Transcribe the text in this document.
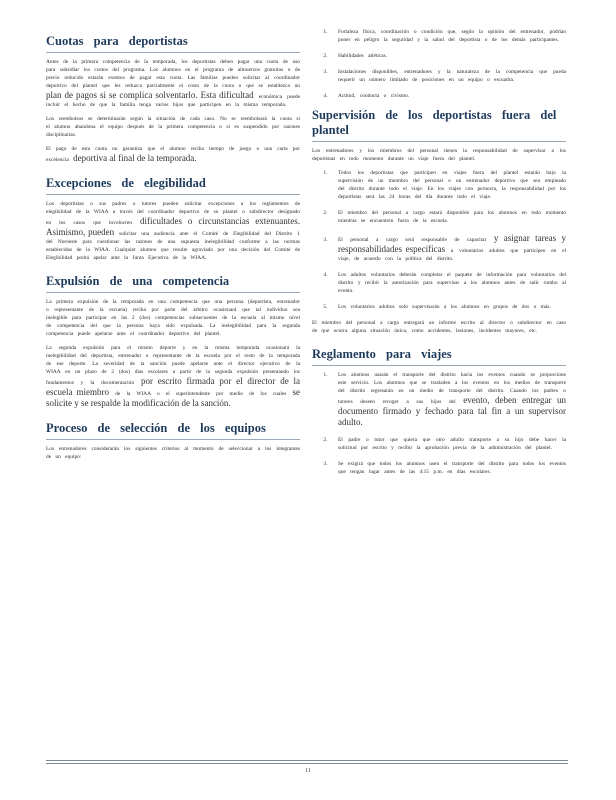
Cuotas para deportistas

Antes de la primera competencia de la temporada, los deportistas deben pagar una cuota de uso para subsidiar los costos del programa. Los alumnos en el programa de almuerzos gratuitos o de precio reducido estarán exentos de pagar esta cuota. Las familias pueden solicitar al coordinador deportivo del plantel que les reduzca parcialmente el costo de la cuota o que se establezca un plan de pagos si se complica solventarlo. Esta dificultad económica puede incluir el hecho de que la familia tenga varios hijos que participen en la misma temporada.

Los reembolsos se determinarán según la situación de cada caso. No se reembolsará la cuota si el alumno abandona el equipo después de la primera competencia o si es suspendido por razones disciplinarias.

El pago de esta cuota no garantiza que el alumno reciba tiempo de juego o una carta por excelencia deportiva al final de la temporada.

Excepciones de elegibilidad

Los deportistas o sus padres o tutores pueden solicitar excepciones a los reglamentos de elegibilidad de la WIAA a través del coordinador deportivo de su plantel o subdirector designado en los casos que involucren dificultades o circunstancias extenuantes. Asimismo, pueden solicitar una audiencia ante el Comité de Elegibilidad del Distrito 1 del Noroeste para cuestionar las razones de una supuesta inelegibilidad conforme a las normas establecidas de la WIAA. Cualquier alumno que resulte agraviado por una decisión del Comité de Elegibilidad podrá apelar ante la Junta Ejecutiva de la WIAA.

Expulsión de una competencia

La primera expulsión de la temporada en una competencia que una persona (deportista, entrenador o representante de la escuela) reciba por parte del árbitro ocasionará que tal individuo sea inelegible para participar en las 2 (dos) competencias subsecuentes de la escuela al mismo nivel de competencia del que la persona haya sido expulsada. La inelegibilidad para la segunda competencia puede apelarse ante el coordinador deportivo del plantel.

La segunda expulsión para el mismo deporte y en la misma temporada ocasionará la inelegibilidad del deportista, entrenador o representante de la escuela por el resto de la temporada de ese deporte. La severidad de la sanción puede apelarse ante el director ejecutivo de la WIAA en un plazo de 2 (dos) días escolares a partir de la segunda expulsión presentando los fundamentos y la documentación por escrito firmada por el director de la escuela miembro de la WIAA o el superintendente por medio de los cuales se solicite y se respalde la modificación de la sanción.

Proceso de selección de los equipos

Los entrenadores considerarán los siguientes criterios al momento de seleccionar a los integrantes de un equipo:

1. Fortaleza física, coordinación o condición que, según la opinión del entrenador, podrían poner en peligro la seguridad y la salud del deportista o de los demás participantes.
2. Habilidades atléticas.
3. Instalaciones disponibles, entrenadores y la naturaleza de la competencia que pueda requerir un número limitado de posiciones en un equipo o escuadra.
4. Actitud, conducta o civismo.
Supervisión de los deportistas fuera del plantel

Los entrenadores y los miembros del personal tienen la responsabilidad de supervisar a los deportistas en todo momento durante un viaje fuera del plantel.

1. Todos los deportistas que participen en viajes fuera del plantel estarán bajo la supervisión de un miembro del personal o un entrenador deportivo que sea empleado del distrito durante todo el viaje. En los viajes con pernocta, la responsabilidad por los deportistas será las 24 horas del día durante todo el viaje.
2. El miembro del personal a cargo estará disponible para los alumnos en todo momento mientras se encuentren fuera de la escuela.
3. El personal a cargo será responsable de capacitar y asignar tareas y responsabilidades específicas a voluntarios adultos que participen en el viaje, de acuerdo con la política del distrito.
4. Los adultos voluntarios deberán completar el paquete de información para voluntarios del distrito y recibir la autorización para supervisar a los alumnos antes de salir rumbo al evento.
5. Los voluntarios adultos solo supervisarán a los alumnos en grupos de dos o más.

El miembro del personal a cargo entregará un informe escrito al director o subdirector en caso de que ocurra alguna situación única, como accidentes, lesiones, incidentes mayores, etc.

Reglamento para viajes
1. Los alumnos usarán el transporte del distrito hacia los eventos cuando se proporcione este servicio. Los alumnos que se trasladen a los eventos en los medios de transporte del distrito regresarán en un medio de transporte del distrito. Cuando los padres o tutores deseen recoger a sus hijos del evento, deben entregar un documento firmado y fechado para tal fin a un supervisor adulto.
2. El padre o tutor que quiera que otro adulto transporte a su hijo debe hacer la solicitud por escrito y recibir la aprobación previa de la administración del plantel.
3. Se exigirá que todos los alumnos usen el transporte del distrito para todos los eventos que tengan lugar antes de las 4:15 p.m. en días escolares.
11
